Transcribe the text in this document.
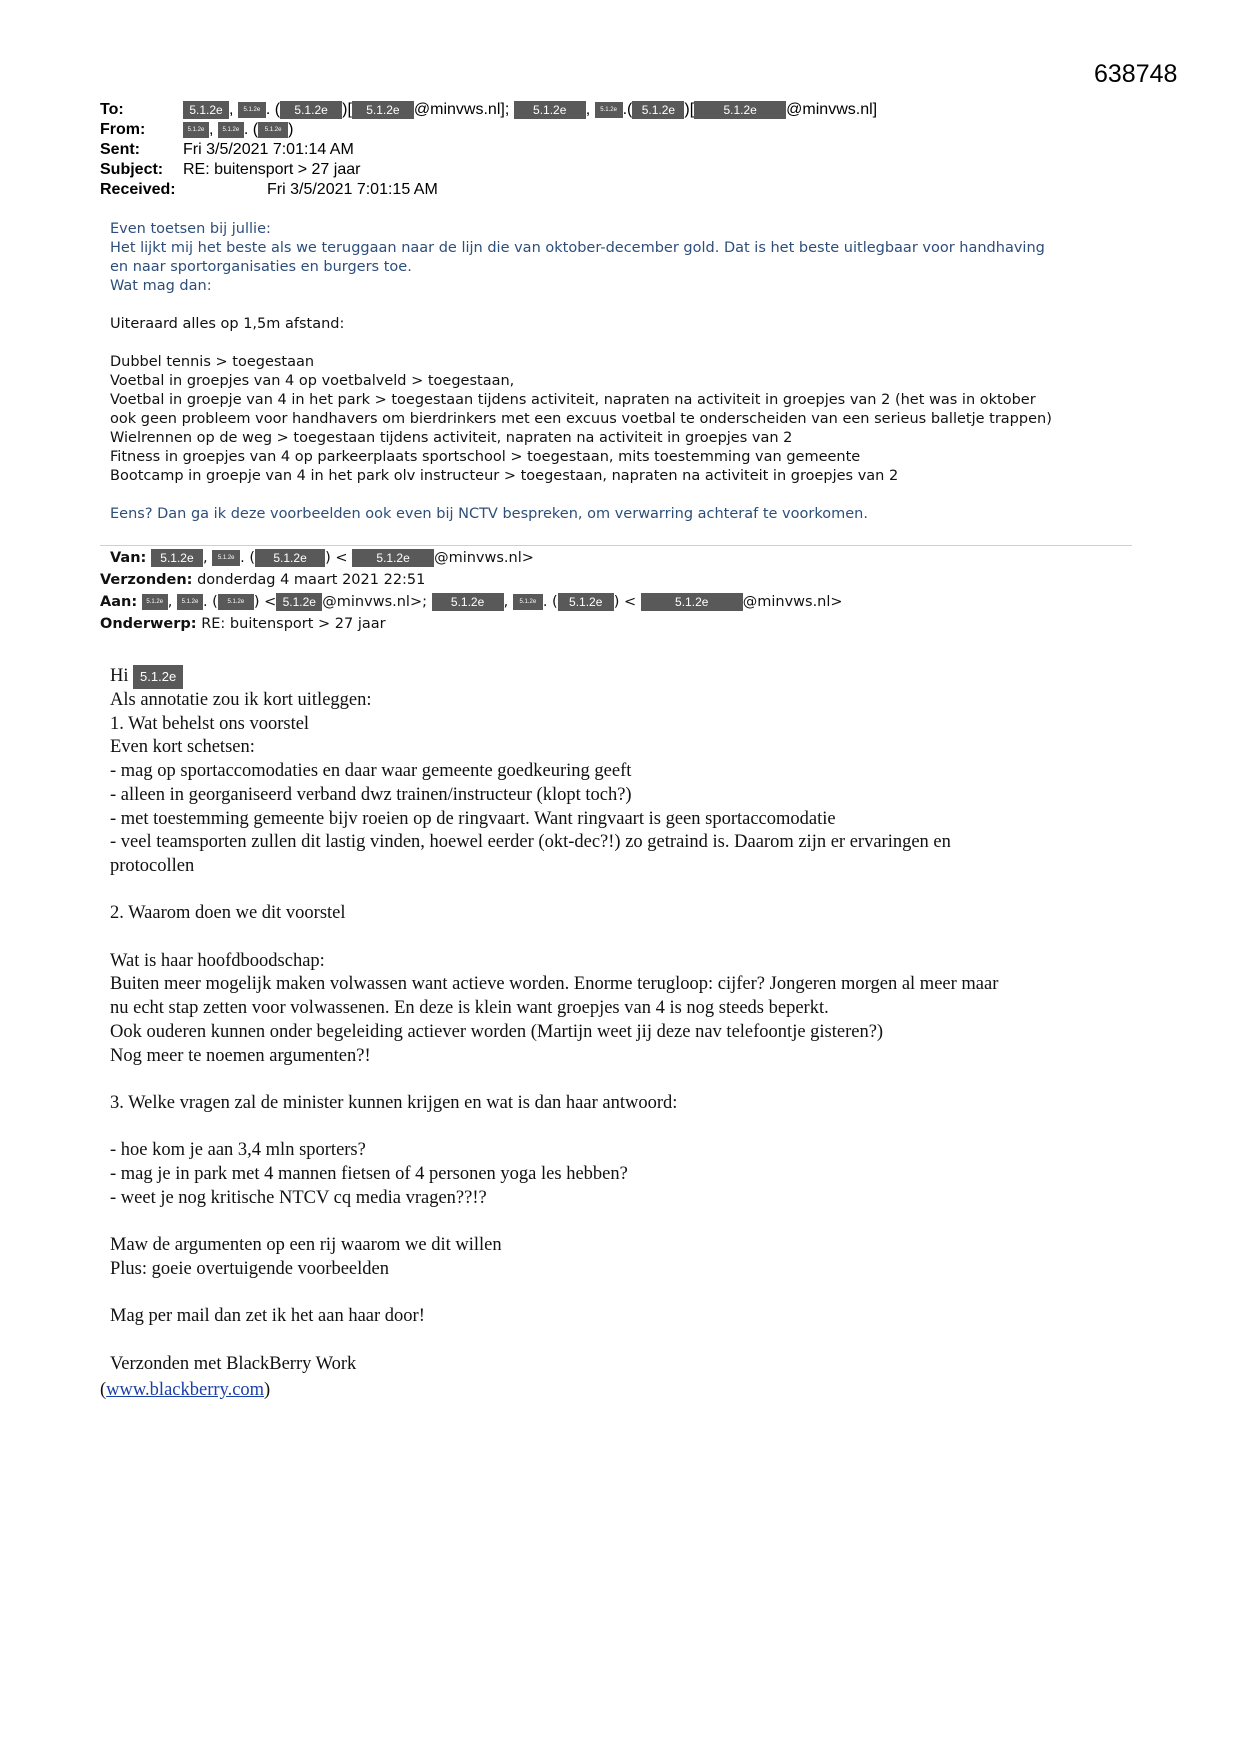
638748
To:	5.1.2e , 5.1.2e . ( 5.1.2e )[ 5.1.2e @minvws.nl]; 5.1.2e , 5.1.2e .( 5.1.2e )[ 5.1.2e @minvws.nl]
From:	5.1.2e , 5.1.2e . ( 5.1.2e )
Sent:	Fri 3/5/2021 7:01:14 AM
Subject: RE: buitensport > 27 jaar
Received:	Fri 3/5/2021 7:01:15 AM
Even toetsen bij jullie:
Het lijkt mij het beste als we teruggaan naar de lijn die van oktober-december gold. Dat is het beste uitlegbaar voor handhaving
en naar sportorganisaties en burgers toe.
Wat mag dan:
Uiteraard alles op 1,5m afstand:
Dubbel tennis > toegestaan
Voetbal in groepjes van 4 op voetbalveld > toegestaan,
Voetbal in groepje van 4 in het park > toegestaan tijdens activiteit, napraten na activiteit in groepjes van 2 (het was in oktober
ook geen probleem voor handhavers om bierdrinkers met een excuus voetbal te onderscheiden van een serieus balletje trappen)
Wielrennen op de weg > toegestaan tijdens activiteit, napraten na activiteit in groepjes van 2
Fitness in groepjes van 4 op parkeerplaats sportschool > toegestaan, mits toestemming van gemeente
Bootcamp in groepje van 4 in het park olv instructeur > toegestaan, napraten na activiteit in groepjes van 2
Eens? Dan ga ik deze voorbeelden ook even bij NCTV bespreken, om verwarring achteraf te voorkomen.
Van: 5.1.2e , 5.1.2e . ( 5.1.2e ) < 5.1.2e @minvws.nl>
Verzonden: donderdag 4 maart 2021 22:51
Aan: 5.1.2e , 5.1.2e . ( 5.1.2e ) < 5.1.2e @minvws.nl>; 5.1.2e , 5.1.2e . ( 5.1.2e ) <	5.1.2e @minvws.nl>
Onderwerp: RE: buitensport > 27 jaar
Hi 5.1.2e
Als annotatie zou ik kort uitleggen:
1. Wat behelst ons voorstel
Even kort schetsen:
- mag op sportaccomodaties en daar waar gemeente goedkeuring geeft
- alleen in georganiseerd verband dwz trainen/instructeur (klopt toch?)
- met toestemming gemeente bijv roeien op de ringvaart. Want ringvaart is geen sportaccomodatie
- veel teamsporten zullen dit lastig vinden, hoewel eerder (okt-dec?!) zo getraind is. Daarom zijn er ervaringen en
protocollen
2. Waarom doen we dit voorstel
Wat is haar hoofdboodschap:
Buiten meer mogelijk maken volwassen want actieve worden. Enorme terugloop: cijfer? Jongeren morgen al meer maar
nu echt stap zetten voor volwassenen. En deze is klein want groepjes van 4 is nog steeds beperkt.
Ook ouderen kunnen onder begeleiding actiever worden (Martijn weet jij deze nav telefoontje gisteren?)
Nog meer te noemen argumenten?!
3. Welke vragen zal de minister kunnen krijgen en wat is dan haar antwoord:
- hoe kom je aan 3,4 mln sporters?
- mag je in park met 4 mannen fietsen of 4 personen yoga les hebben?
- weet je nog kritische NTCV cq media vragen??!?
Maw de argumenten op een rij waarom we dit willen
Plus: goeie overtuigende voorbeelden
Mag per mail dan zet ik het aan haar door!
Verzonden met BlackBerry Work
(www.blackberry.com)
